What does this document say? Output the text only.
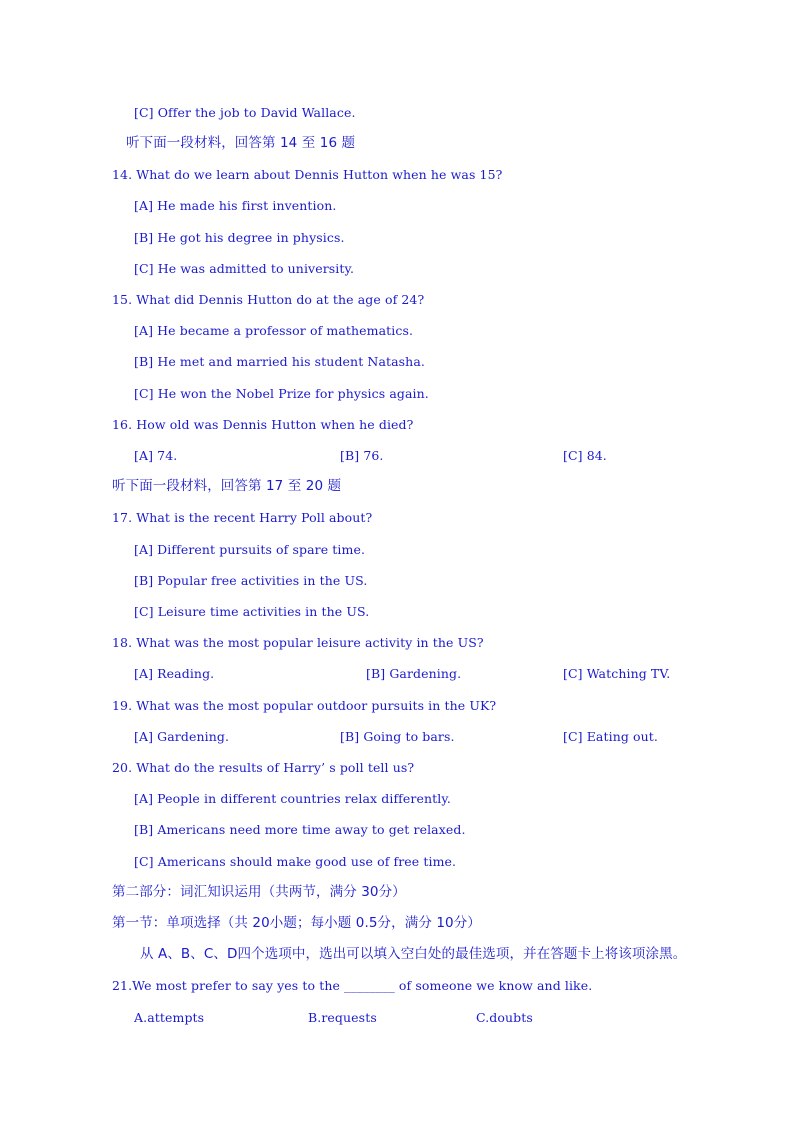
[C] Offer the job to David Wallace.
听下面一段材料，回答第 14 至 16 题
14. What do we learn about Dennis Hutton when he was 15?
[A] He made his first invention.
[B] He got his degree in physics.
[C] He was admitted to university.
15. What did Dennis Hutton do at the age of 24?
[A] He became a professor of mathematics.
[B] He met and married his student Natasha.
[C] He won the Nobel Prize for physics again.
16. How old was Dennis Hutton when he died?
[A] 74.	[B] 76.	[C] 84.
听下面一段材料，回答第 17 至 20 题
17. What is the recent Harry Poll about?
[A] Different pursuits of spare time.
[B] Popular free activities in the US.
[C] Leisure time activities in the US.
18. What was the most popular leisure activity in the US?
[A] Reading.	[B] Gardening.	[C] Watching TV.
19. What was the most popular outdoor pursuits in the UK?
[A] Gardening.	[B] Going to bars.	[C] Eating out.
20. What do the results of Harry’ s poll tell us?
[A] People in different countries relax differently.
[B] Americans need more time away to get relaxed.
[C] Americans should make good use of free time.
第二部分：词汇知识运用（共两节，满分 30分）
第一节：单项选择（共 20小题；每小题 0.5分，满分 10分）
从 A、B、C、D四个选项中，选出可以填入空白处的最佳选项，并在答题卡上将该项涂黑。
21.We most prefer to say yes to the ________ of someone we know and like.
A.attempts	B.requests	C.doubts
